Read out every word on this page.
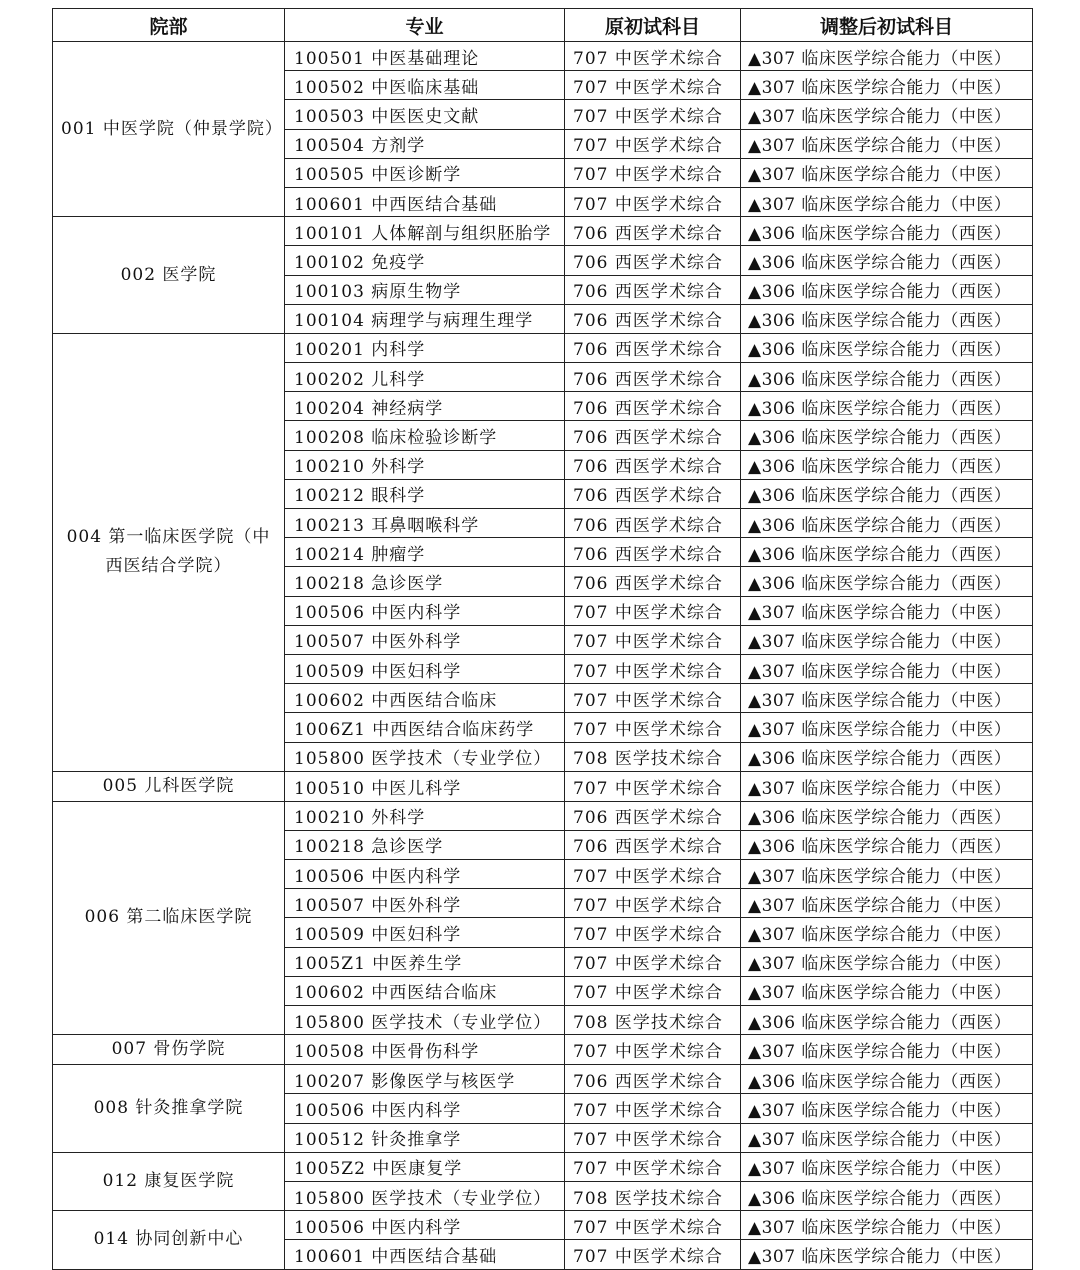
院部	专业	原初试科目	调整后初试科目
001 中医学院（仲景学院）	100501 中医基础理论	707 中医学术综合	▲307 临床医学综合能力（中医）
	100502 中医临床基础	707 中医学术综合	▲307 临床医学综合能力（中医）
	100503 中医医史文献	707 中医学术综合	▲307 临床医学综合能力（中医）
	100504 方剂学	707 中医学术综合	▲307 临床医学综合能力（中医）
	100505 中医诊断学	707 中医学术综合	▲307 临床医学综合能力（中医）
	100601 中西医结合基础	707 中医学术综合	▲307 临床医学综合能力（中医）
002 医学院	100101 人体解剖与组织胚胎学	706 西医学术综合	▲306 临床医学综合能力（西医）
	100102 免疫学	706 西医学术综合	▲306 临床医学综合能力（西医）
	100103 病原生物学	706 西医学术综合	▲306 临床医学综合能力（西医）
	100104 病理学与病理生理学	706 西医学术综合	▲306 临床医学综合能力（西医）
004 第一临床医学院（中西医结合学院）	100201 内科学	706 西医学术综合	▲306 临床医学综合能力（西医）
	100202 儿科学	706 西医学术综合	▲306 临床医学综合能力（西医）
	100204 神经病学	706 西医学术综合	▲306 临床医学综合能力（西医）
	100208 临床检验诊断学	706 西医学术综合	▲306 临床医学综合能力（西医）
	100210 外科学	706 西医学术综合	▲306 临床医学综合能力（西医）
	100212 眼科学	706 西医学术综合	▲306 临床医学综合能力（西医）
	100213 耳鼻咽喉科学	706 西医学术综合	▲306 临床医学综合能力（西医）
	100214 肿瘤学	706 西医学术综合	▲306 临床医学综合能力（西医）
	100218 急诊医学	706 西医学术综合	▲306 临床医学综合能力（西医）
	100506 中医内科学	707 中医学术综合	▲307 临床医学综合能力（中医）
	100507 中医外科学	707 中医学术综合	▲307 临床医学综合能力（中医）
	100509 中医妇科学	707 中医学术综合	▲307 临床医学综合能力（中医）
	100602 中西医结合临床	707 中医学术综合	▲307 临床医学综合能力（中医）
	1006Z1 中西医结合临床药学	707 中医学术综合	▲307 临床医学综合能力（中医）
	105800 医学技术（专业学位）	708 医学技术综合	▲306 临床医学综合能力（西医）
005 儿科医学院	100510 中医儿科学	707 中医学术综合	▲307 临床医学综合能力（中医）
006 第二临床医学院	100210 外科学	706 西医学术综合	▲306 临床医学综合能力（西医）
	100218 急诊医学	706 西医学术综合	▲306 临床医学综合能力（西医）
	100506 中医内科学	707 中医学术综合	▲307 临床医学综合能力（中医）
	100507 中医外科学	707 中医学术综合	▲307 临床医学综合能力（中医）
	100509 中医妇科学	707 中医学术综合	▲307 临床医学综合能力（中医）
	1005Z1 中医养生学	707 中医学术综合	▲307 临床医学综合能力（中医）
	100602 中西医结合临床	707 中医学术综合	▲307 临床医学综合能力（中医）
	105800 医学技术（专业学位）	708 医学技术综合	▲306 临床医学综合能力（西医）
007 骨伤学院	100508 中医骨伤科学	707 中医学术综合	▲307 临床医学综合能力（中医）
008 针灸推拿学院	100207 影像医学与核医学	706 西医学术综合	▲306 临床医学综合能力（西医）
	100506 中医内科学	707 中医学术综合	▲307 临床医学综合能力（中医）
	100512 针灸推拿学	707 中医学术综合	▲307 临床医学综合能力（中医）
012 康复医学院	1005Z2 中医康复学	707 中医学术综合	▲307 临床医学综合能力（中医）
	105800 医学技术（专业学位）	708 医学技术综合	▲306 临床医学综合能力（西医）
014 协同创新中心	100506 中医内科学	707 中医学术综合	▲307 临床医学综合能力（中医）
	100601 中西医结合基础	707 中医学术综合	▲307 临床医学综合能力（中医）
